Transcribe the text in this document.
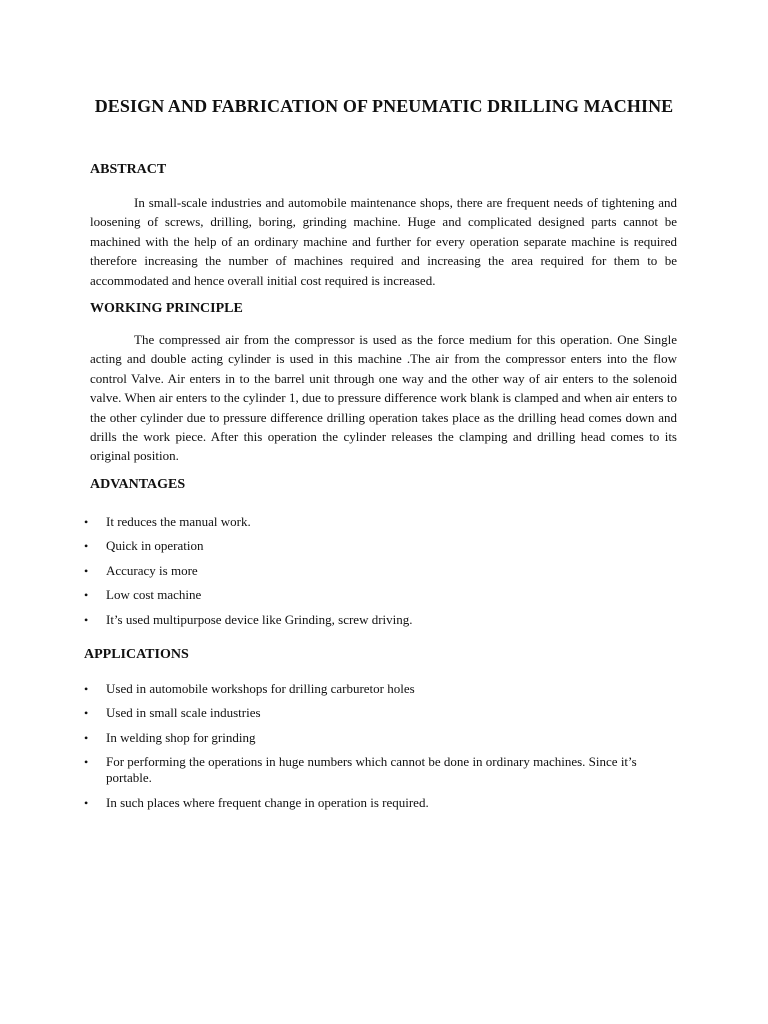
DESIGN AND FABRICATION OF PNEUMATIC DRILLING MACHINE
ABSTRACT

In small-scale industries and automobile maintenance shops, there are frequent needs of tightening and loosening of screws, drilling, boring, grinding machine. Huge and complicated designed parts cannot be machined with the help of an ordinary machine and further for every operation separate machine is required therefore increasing the number of machines required and increasing the area required for them to be accommodated and hence overall initial cost required is increased.

WORKING PRINCIPLE

The compressed air from the compressor is used as the force medium for this operation. One Single acting and double acting cylinder is used in this machine .The air from the compressor enters into the flow control Valve. Air enters in to the barrel unit through one way and the other way of air enters to the solenoid valve. When air enters to the cylinder 1, due to pressure difference work blank is clamped and when air enters to the other cylinder due to pressure difference drilling operation takes place as the drilling head comes down and drills the work piece. After this operation the cylinder releases the clamping and drilling head comes to its original position.

ADVANTAGES
• It reduces the manual work.
• Quick in operation
• Accuracy is more
• Low cost machine
• It’s used multipurpose device like Grinding, screw driving.
APPLICATIONS
• Used in automobile workshops for drilling carburetor holes
• Used in small scale industries
• In welding shop for grinding
• For performing the operations in huge numbers which cannot be done in ordinary machines. Since it’s portable.
• In such places where frequent change in operation is required.
